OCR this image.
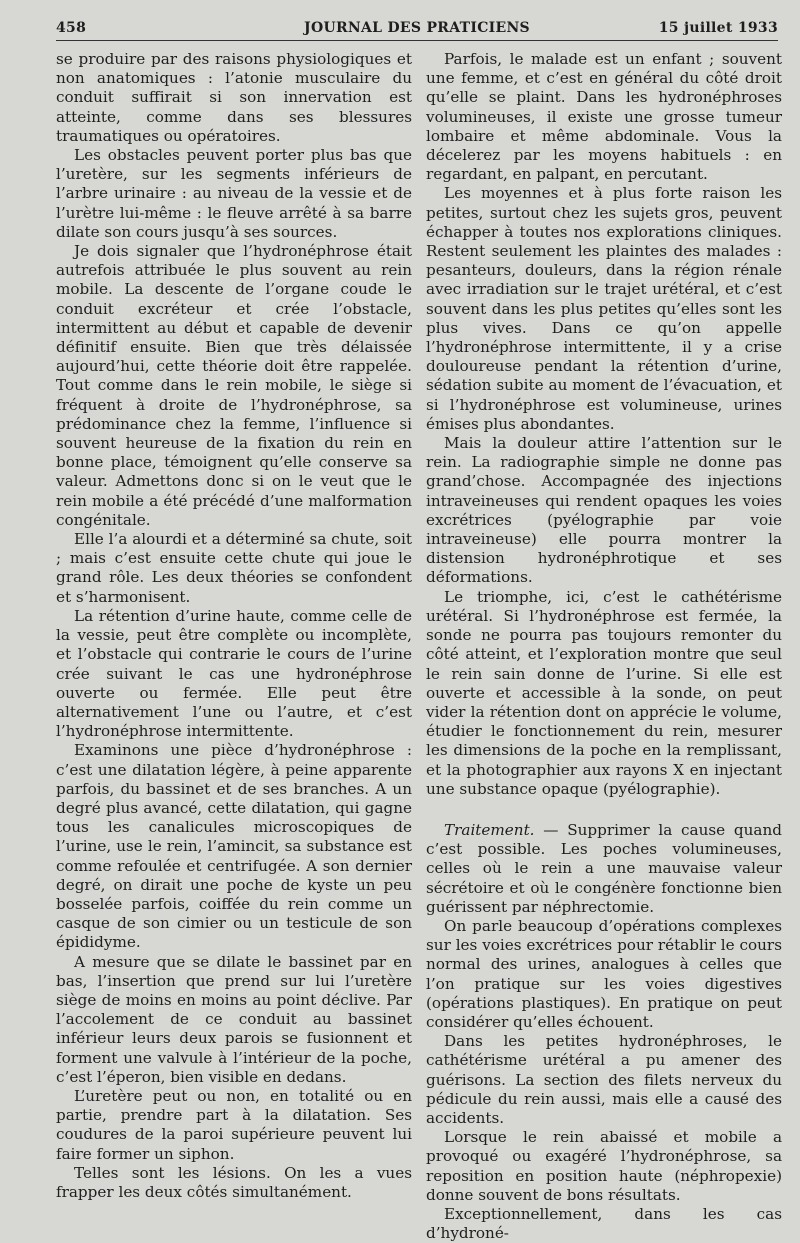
458	JOURNAL DES PRATICIENS	15 juillet 1933

se produire par des raisons physiologiques et non anatomiques : l’atonie musculaire du conduit suffirait si son innervation est atteinte, comme dans ses blessures traumatiques ou opératoires.

Les obstacles peuvent porter plus bas que l’uretère, sur les segments inférieurs de l’arbre urinaire : au niveau de la vessie et de l’urètre lui-même : le fleuve arrêté à sa barre dilate son cours jusqu’à ses sources.

Je dois signaler que l’hydronéphrose était autrefois attribuée le plus souvent au rein mobile. La descente de l’organe coude le conduit excréteur et crée l’obstacle, intermittent au début et capable de devenir définitif ensuite. Bien que très délaissée aujourd’hui, cette théorie doit être rappelée. Tout comme dans le rein mobile, le siège si fréquent à droite de l’hydronéphrose, sa prédominance chez la femme, l’influence si souvent heureuse de la fixation du rein en bonne place, témoignent qu’elle conserve sa valeur. Admettons donc si on le veut que le rein mobile a été précédé d’une malformation congénitale.

Elle l’a alourdi et a déterminé sa chute, soit ; mais c’est ensuite cette chute qui joue le grand rôle. Les deux théories se confondent et s’harmonisent.

La rétention d’urine haute, comme celle de la vessie, peut être complète ou incomplète, et l’obstacle qui contrarie le cours de l’urine crée suivant le cas une hydronéphrose ouverte ou fermée. Elle peut être alternativement l’une ou l’autre, et c’est l’hydronéphrose intermittente.

Examinons une pièce d’hydronéphrose : c’est une dilatation légère, à peine apparente parfois, du bassinet et de ses branches. A un degré plus avancé, cette dilatation, qui gagne tous les canalicules microscopiques de l’urine, use le rein, l’amincit, sa substance est comme refoulée et centrifugée. A son dernier degré, on dirait une poche de kyste un peu bosselée parfois, coiffée du rein comme un casque de son cimier ou un testicule de son épididyme.

A mesure que se dilate le bassinet par en bas, l’insertion que prend sur lui l’uretère siège de moins en moins au point déclive. Par l’accolement de ce conduit au bassinet inférieur leurs deux parois se fusionnent et forment une valvule à l’intérieur de la poche, c’est l’éperon, bien visible en dedans.

L’uretère peut ou non, en totalité ou en partie, prendre part à la dilatation. Ses coudures de la paroi supérieure peuvent lui faire former un siphon.

Telles sont les lésions. On les a vues frapper les deux côtés simultanément.

Parfois, le malade est un enfant ; souvent une femme, et c’est en général du côté droit qu’elle se plaint. Dans les hydronéphroses volumineuses, il existe une grosse tumeur lombaire et même abdominale. Vous la décelerez par les moyens habituels : en regardant, en palpant, en percutant.

Les moyennes et à plus forte raison les petites, surtout chez les sujets gros, peuvent échapper à toutes nos explorations cliniques. Restent seulement les plaintes des malades : pesanteurs, douleurs, dans la région rénale avec irradiation sur le trajet urétéral, et c’est souvent dans les plus petites qu’elles sont les plus vives. Dans ce qu’on appelle l’hydronéphrose intermittente, il y a crise douloureuse pendant la rétention d’urine, sédation subite au moment de l’évacuation, et si l’hydronéphrose est volumineuse, urines émises plus abondantes.

Mais la douleur attire l’attention sur le rein. La radiographie simple ne donne pas grand’chose. Accompagnée des injections intraveineuses qui rendent opaques les voies excrétrices (pyélographie par voie intraveineuse) elle pourra montrer la distension hydronéphrotique et ses déformations.

Le triomphe, ici, c’est le cathétérisme urétéral. Si l’hydronéphrose est fermée, la sonde ne pourra pas toujours remonter du côté atteint, et l’exploration montre que seul le rein sain donne de l’urine. Si elle est ouverte et accessible à la sonde, on peut vider la rétention dont on apprécie le volume, étudier le fonctionnement du rein, mesurer les dimensions de la poche en la remplissant, et la photographier aux rayons X en injectant une substance opaque (pyélographie).

Traitement. — Supprimer la cause quand c’est possible. Les poches volumineuses, celles où le rein a une mauvaise valeur sécrétoire et où le congénère fonctionne bien guérissent par néphrectomie.

On parle beaucoup d’opérations complexes sur les voies excrétrices pour rétablir le cours normal des urines, analogues à celles que l’on pratique sur les voies digestives (opérations plastiques). En pratique on peut considérer qu’elles échouent.

Dans les petites hydronéphroses, le cathétérisme urétéral a pu amener des guérisons. La section des filets nerveux du pédicule du rein aussi, mais elle a causé des accidents.

Lorsque le rein abaissé et mobile a provoqué ou exagéré l’hydronéphrose, sa reposition en position haute (néphropexie) donne souvent de bons résultats.

Exceptionnellement, dans les cas d’hydroné-
